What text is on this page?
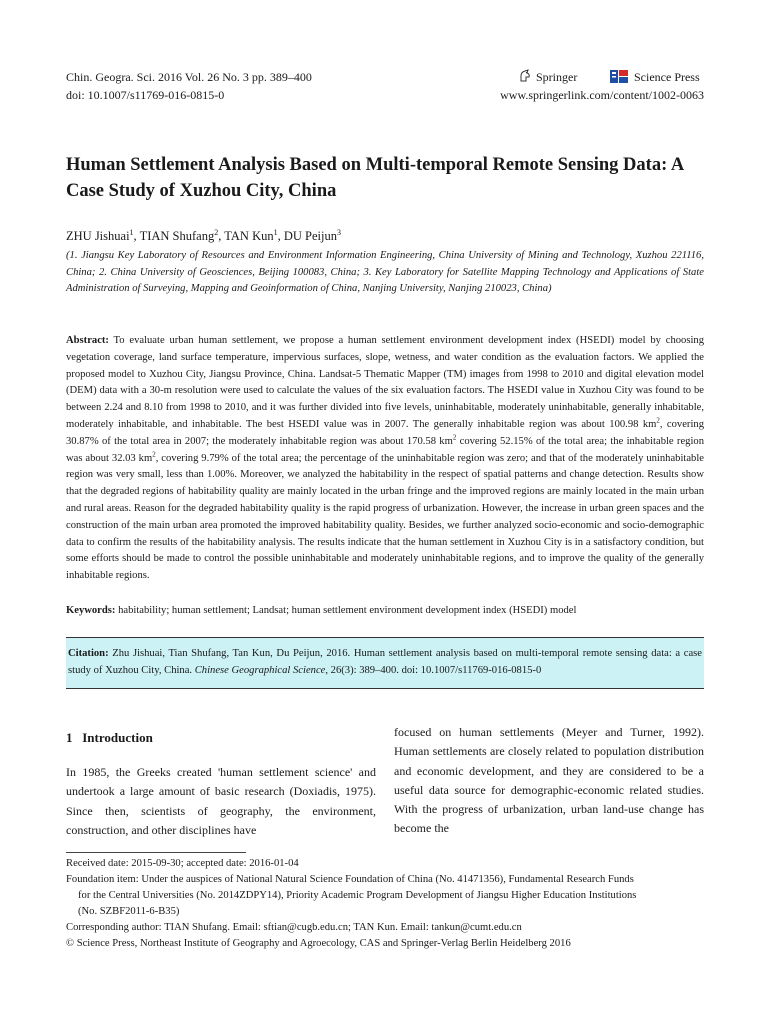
Chin. Geogra. Sci. 2016 Vol. 26 No. 3 pp. 389–400
doi: 10.1007/s11769-016-0815-0
Springer	Science Press
www.springerlink.com/content/1002-0063
Human Settlement Analysis Based on Multi-temporal Remote Sensing Data: A Case Study of Xuzhou City, China
ZHU Jishuai$^1$, TIAN Shufang$^2$, TAN Kun$^1$, DU Peijun$^3$
(1. Jiangsu Key Laboratory of Resources and Environment Information Engineering, China University of Mining and Technology, Xuzhou 221116, China; 2. China University of Geosciences, Beijing 100083, China; 3. Key Laboratory for Satellite Mapping Technology and Applications of State Administration of Surveying, Mapping and Geoinformation of China, Nanjing University, Nanjing 210023, China)
Abstract: To evaluate urban human settlement, we propose a human settlement environment development index (HSEDI) model by choosing vegetation coverage, land surface temperature, impervious surfaces, slope, wetness, and water condition as the evaluation factors. We applied the proposed model to Xuzhou City, Jiangsu Province, China. Landsat-5 Thematic Mapper (TM) images from 1998 to 2010 and digital elevation model (DEM) data with a 30-m resolution were used to calculate the values of the six evaluation factors. The HSEDI value in Xuzhou City was found to be between 2.24 and 8.10 from 1998 to 2010, and it was further divided into five levels, uninhabitable, moderately uninhabitable, generally inhabitable, moderately inhabitable, and inhabitable. The best HSEDI value was in 2007. The generally inhabitable region was about 100.98 $km^2$, covering 30.87% of the total area in 2007; the moderately inhabitable region was about 170.58 $km^2$ covering 52.15% of the total area; the inhabitable region was about 32.03 $km^2$, covering 9.79% of the total area; the percentage of the uninhabitable region was zero; and that of the moderately uninhabitable region was very small, less than 1.00%. Moreover, we analyzed the habitability in the respect of spatial patterns and change detection. Results show that the degraded regions of habitability quality are mainly located in the urban fringe and the improved regions are mainly located in the main urban and rural areas. Reason for the degraded habitability quality is the rapid progress of urbanization. However, the increase in urban green spaces and the construction of the main urban area promoted the improved habitability quality. Besides, we further analyzed socio-economic and socio-demographic data to confirm the results of the habitability analysis. The results indicate that the human settlement in Xuzhou City is in a satisfactory condition, but some efforts should be made to control the possible uninhabitable and moderately uninhabitable regions, and to improve the quality of the generally inhabitable regions.
Keywords: habitability; human settlement; Landsat; human settlement environment development index (HSEDI) model
Citation: Zhu Jishuai, Tian Shufang, Tan Kun, Du Peijun, 2016. Human settlement analysis based on multi-temporal remote sensing data: a case study of Xuzhou City, China. Chinese Geographical Science, 26(3): 389–400. doi: 10.1007/s11769-016-0815-0
1   Introduction
In 1985, the Greeks created 'human settlement science' and undertook a large amount of basic research (Doxiadis, 1975). Since then, scientists of geography, the environment, construction, and other disciplines have
focused on human settlements (Meyer and Turner, 1992). Human settlements are closely related to population distribution and economic development, and they are considered to be a useful data source for demographic-economic related studies. With the progress of urbanization, urban land-use change has become the
Received date: 2015-09-30; accepted date: 2016-01-04
Foundation item: Under the auspices of National Natural Science Foundation of China (No. 41471356), Fundamental Research Funds
for the Central Universities (No. 2014ZDPY14), Priority Academic Program Development of Jiangsu Higher Education Institutions
(No. SZBF2011-6-B35)
Corresponding author: TIAN Shufang. Email: sftian@cugb.edu.cn; TAN Kun. Email: tankun@cumt.edu.cn
© Science Press, Northeast Institute of Geography and Agroecology, CAS and Springer-Verlag Berlin Heidelberg 2016
